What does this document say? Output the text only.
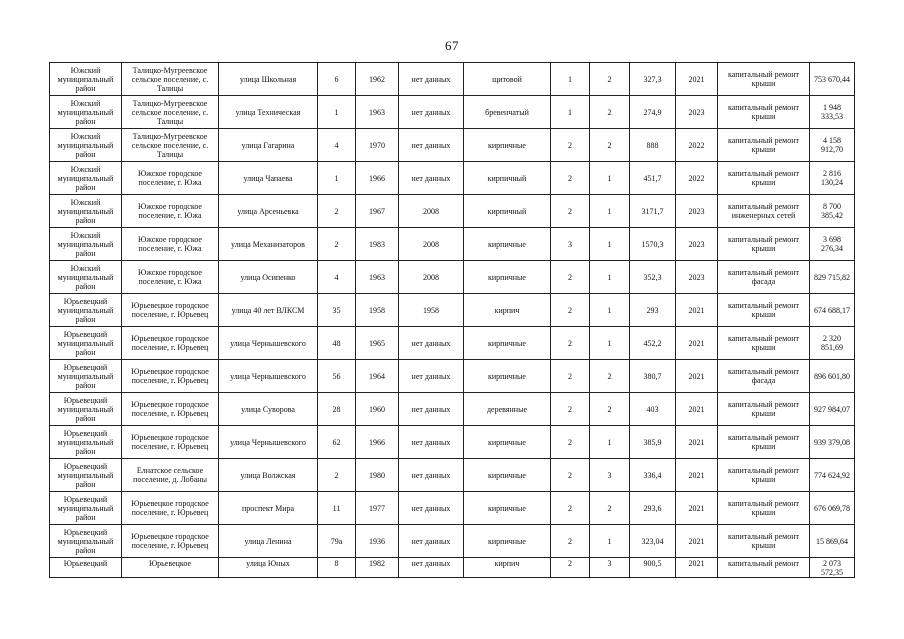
67
Южский муниципальный район	Талицко-Мугреевское сельское поселение, с. Талицы	улица Школьная	6	1962	нет данных	щитовой	1	2	327,3	2021	капитальный ремонт крыши	753 670,44
Южский муниципальный район	Талицко-Мугреевское сельское поселение, с. Талицы	улица Техническая	1	1963	нет данных	бревенчатый	1	2	274,9	2023	капитальный ремонт крыши	1 948 333,53
Южский муниципальный район	Талицко-Мугреевское сельское поселение, с. Талицы	улица Гагарина	4	1970	нет данных	кирпичные	2	2	888	2022	капитальный ремонт крыши	4 158 912,70
Южский муниципальный район	Южское городское поселение, г. Южа	улица Чапаева	1	1966	нет данных	кирпичный	2	1	451,7	2022	капитальный ремонт крыши	2 816 130,24
Южский муниципальный район	Южское городское поселение, г. Южа	улица Арсеньевка	2	1967	2008	кирпичный	2	1	3171,7	2023	капитальный ремонт инженерных сетей	8 700 385,42
Южский муниципальный район	Южское городское поселение, г. Южа	улица Механизаторов	2	1983	2008	кирпичные	3	1	1570,3	2023	капитальный ремонт крыши	3 698 276,34
Южский муниципальный район	Южское городское поселение, г. Южа	улица Осипенко	4	1963	2008	кирпичные	2	1	352,3	2023	капитальный ремонт фасада	829 715,82
Юрьевецкий муниципальный район	Юрьевецкое городское поселение, г. Юрьевец	улица 40 лет ВЛКСМ	35	1958	1958	кирпич	2	1	293	2021	капитальный ремонт крыши	674 688,17
Юрьевецкий муниципальный район	Юрьевецкое городское поселение, г. Юрьевец	улица Чернышевского	48	1965	нет данных	кирпичные	2	1	452,2	2021	капитальный ремонт крыши	2 320 851,69
Юрьевецкий муниципальный район	Юрьевецкое городское поселение, г. Юрьевец	улица Чернышевского	56	1964	нет данных	кирпичные	2	2	380,7	2021	капитальный ремонт фасада	896 601,80
Юрьевецкий муниципальный район	Юрьевецкое городское поселение, г. Юрьевец	улица Суворова	28	1960	нет данных	деревянные	2	2	403	2021	капитальный ремонт крыши	927 984,07
Юрьевецкий муниципальный район	Юрьевецкое городское поселение, г. Юрьевец	улица Чернышевского	62	1966	нет данных	кирпичные	2	1	385,9	2021	капитальный ремонт крыши	939 379,08
Юрьевецкий муниципальный район	Елнатское сельское поселение, д. Лобаны	улица Волжская	2	1980	нет данных	кирпичные	2	3	336,4	2021	капитальный ремонт крыши	774 624,92
Юрьевецкий муниципальный район	Юрьевецкое городское поселение, г. Юрьевец	проспект Мира	11	1977	нет данных	кирпичные	2	2	293,6	2021	капитальный ремонт крыши	676 069,78
Юрьевецкий муниципальный район	Юрьевецкое городское поселение, г. Юрьевец	улица Ленина	79а	1936	нет данных	кирпичные	2	1	323,04	2021	капитальный ремонт крыши	15 869,64
Юрьевецкий	Юрьевецкое	улица Юных	8	1982	нет данных	кирпич	2	3	900,5	2021	капитальный ремонт	2 073 572,35
